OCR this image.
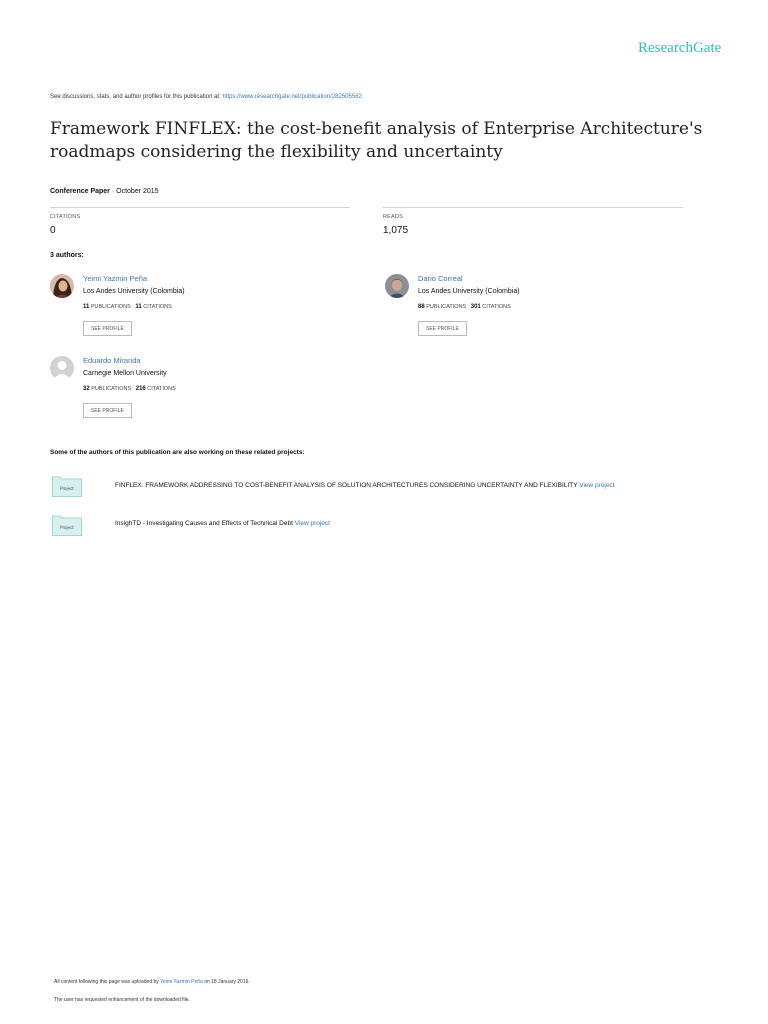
ResearchGate
See discussions, stats, and author profiles for this publication at: https://www.researchgate.net/publication/282505562
Framework FINFLEX: the cost-benefit analysis of Enterprise Architecture's roadmaps considering the flexibility and uncertainty
Conference Paper · October 2015
CITATIONS
0
READS
1,075
3 authors:
Yeimi Yazmin Peña
Los Andes University (Colombia)
11 PUBLICATIONS 11 CITATIONS
SEE PROFILE
Dario Correal
Los Andes University (Colombia)
88 PUBLICATIONS 301 CITATIONS
SEE PROFILE
Eduardo Miranda
Carnegie Mellon University
32 PUBLICATIONS 216 CITATIONS
SEE PROFILE
Some of the authors of this publication are also working on these related projects:
Project	FINFLEX: FRAMEWORK ADDRESSING TO COST-BENEFIT ANALYSIS OF SOLUTION ARCHITECTURES CONSIDERING UNCERTAINTY AND FLEXIBILITY View project
Project
InsighTD - Investigating Causes and Effects of Technical Debt View project
All content following this page was uploaded by Yeimi Yazmin Peña on 18 January 2016.
The user has requested enhancement of the downloaded file.
